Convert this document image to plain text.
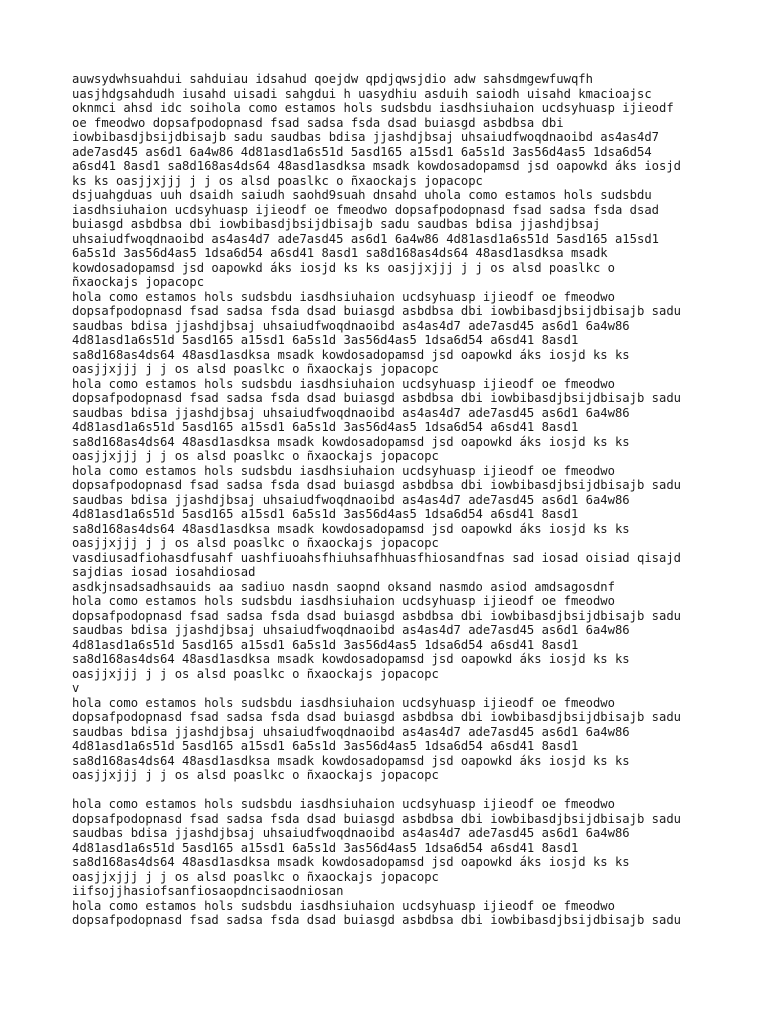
auwsydwhsuahdui sahduiau idsahud qoejdw qpdjqwsjdio adw sahsdmgewfuwqfh
uasjhdgsahdudh iusahd uisadi sahgdui h uasydhiu asduih saiodh uisahd kmacioajsc
oknmci ahsd idc soihola como estamos hols sudsbdu iasdhsiuhaion ucdsyhuasp ijieodf
oe fmeodwo dopsafpodopnasd fsad sadsa fsda dsad buiasgd asbdbsa dbi
iowbibasdjbsijdbisajb sadu saudbas bdisa jjashdjbsaj uhsaiudfwoqdnaoibd as4as4d7
ade7asd45 as6d1 6a4w86 4d81asd1a6s51d 5asd165 a15sd1 6a5s1d 3as56d4as5 1dsa6d54
a6sd41 8asd1 sa8d168as4ds64 48asd1asdksa msadk kowdosadopamsd jsd oapowkd áks iosjd
ks ks oasjjxjjj j j os alsd poaslkc o ñxaockajs jopacopc
dsjuahgduas uuh dsaidh saiudh saohd9suah dnsahd uhola como estamos hols sudsbdu
iasdhsiuhaion ucdsyhuasp ijieodf oe fmeodwo dopsafpodopnasd fsad sadsa fsda dsad
buiasgd asbdbsa dbi iowbibasdjbsijdbisajb sadu saudbas bdisa jjashdjbsaj
uhsaiudfwoqdnaoibd as4as4d7 ade7asd45 as6d1 6a4w86 4d81asd1a6s51d 5asd165 a15sd1
6a5s1d 3as56d4as5 1dsa6d54 a6sd41 8asd1 sa8d168as4ds64 48asd1asdksa msadk
kowdosadopamsd jsd oapowkd áks iosjd ks ks oasjjxjjj j j os alsd poaslkc o
ñxaockajs jopacopc
hola como estamos hols sudsbdu iasdhsiuhaion ucdsyhuasp ijieodf oe fmeodwo
dopsafpodopnasd fsad sadsa fsda dsad buiasgd asbdbsa dbi iowbibasdjbsijdbisajb sadu
saudbas bdisa jjashdjbsaj uhsaiudfwoqdnaoibd as4as4d7 ade7asd45 as6d1 6a4w86
4d81asd1a6s51d 5asd165 a15sd1 6a5s1d 3as56d4as5 1dsa6d54 a6sd41 8asd1
sa8d168as4ds64 48asd1asdksa msadk kowdosadopamsd jsd oapowkd áks iosjd ks ks
oasjjxjjj j j os alsd poaslkc o ñxaockajs jopacopc
hola como estamos hols sudsbdu iasdhsiuhaion ucdsyhuasp ijieodf oe fmeodwo
dopsafpodopnasd fsad sadsa fsda dsad buiasgd asbdbsa dbi iowbibasdjbsijdbisajb sadu
saudbas bdisa jjashdjbsaj uhsaiudfwoqdnaoibd as4as4d7 ade7asd45 as6d1 6a4w86
4d81asd1a6s51d 5asd165 a15sd1 6a5s1d 3as56d4as5 1dsa6d54 a6sd41 8asd1
sa8d168as4ds64 48asd1asdksa msadk kowdosadopamsd jsd oapowkd áks iosjd ks ks
oasjjxjjj j j os alsd poaslkc o ñxaockajs jopacopc
hola como estamos hols sudsbdu iasdhsiuhaion ucdsyhuasp ijieodf oe fmeodwo
dopsafpodopnasd fsad sadsa fsda dsad buiasgd asbdbsa dbi iowbibasdjbsijdbisajb sadu
saudbas bdisa jjashdjbsaj uhsaiudfwoqdnaoibd as4as4d7 ade7asd45 as6d1 6a4w86
4d81asd1a6s51d 5asd165 a15sd1 6a5s1d 3as56d4as5 1dsa6d54 a6sd41 8asd1
sa8d168as4ds64 48asd1asdksa msadk kowdosadopamsd jsd oapowkd áks iosjd ks ks
oasjjxjjj j j os alsd poaslkc o ñxaockajs jopacopc
vasdiusadfiohasdfusahf uashfiuoahsfhiuhsafhhuasfhiosandfnas sad iosad oisiad qisajd
sajdias iosad iosahdiosad
asdkjnsadsadhsauids aa sadiuo nasdn saopnd oksand nasmdo asiod amdsagosdnf
hola como estamos hols sudsbdu iasdhsiuhaion ucdsyhuasp ijieodf oe fmeodwo
dopsafpodopnasd fsad sadsa fsda dsad buiasgd asbdbsa dbi iowbibasdjbsijdbisajb sadu
saudbas bdisa jjashdjbsaj uhsaiudfwoqdnaoibd as4as4d7 ade7asd45 as6d1 6a4w86
4d81asd1a6s51d 5asd165 a15sd1 6a5s1d 3as56d4as5 1dsa6d54 a6sd41 8asd1
sa8d168as4ds64 48asd1asdksa msadk kowdosadopamsd jsd oapowkd áks iosjd ks ks
oasjjxjjj j j os alsd poaslkc o ñxaockajs jopacopc
v
hola como estamos hols sudsbdu iasdhsiuhaion ucdsyhuasp ijieodf oe fmeodwo
dopsafpodopnasd fsad sadsa fsda dsad buiasgd asbdbsa dbi iowbibasdjbsijdbisajb sadu
saudbas bdisa jjashdjbsaj uhsaiudfwoqdnaoibd as4as4d7 ade7asd45 as6d1 6a4w86
4d81asd1a6s51d 5asd165 a15sd1 6a5s1d 3as56d4as5 1dsa6d54 a6sd41 8asd1
sa8d168as4ds64 48asd1asdksa msadk kowdosadopamsd jsd oapowkd áks iosjd ks ks
oasjjxjjj j j os alsd poaslkc o ñxaockajs jopacopc
hola como estamos hols sudsbdu iasdhsiuhaion ucdsyhuasp ijieodf oe fmeodwo
dopsafpodopnasd fsad sadsa fsda dsad buiasgd asbdbsa dbi iowbibasdjbsijdbisajb sadu
saudbas bdisa jjashdjbsaj uhsaiudfwoqdnaoibd as4as4d7 ade7asd45 as6d1 6a4w86
4d81asd1a6s51d 5asd165 a15sd1 6a5s1d 3as56d4as5 1dsa6d54 a6sd41 8asd1
sa8d168as4ds64 48asd1asdksa msadk kowdosadopamsd jsd oapowkd áks iosjd ks ks
oasjjxjjj j j os alsd poaslkc o ñxaockajs jopacopc
iifsojjhasiofsanfiosaopdncisaodniosan
hola como estamos hols sudsbdu iasdhsiuhaion ucdsyhuasp ijieodf oe fmeodwo
dopsafpodopnasd fsad sadsa fsda dsad buiasgd asbdbsa dbi iowbibasdjbsijdbisajb sadu
